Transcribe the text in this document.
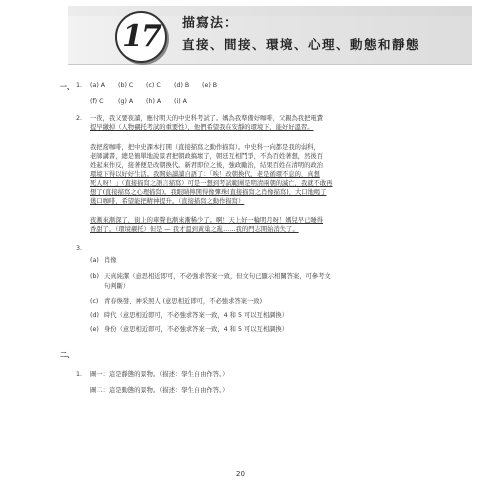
17	描寫法：
直接、間接、環境、心理、動態和靜態
一、 1. (a) A (b) C (c) C (d) B (e) B
(f) C (g) A (h) A (i) A
2. 一夜，我又要夜讀，應付明天的中史科考試了。媽為我準備好咖啡，父親為我把電費
提早繳掉（人物襯托考試的重要性），他們希望我在安靜的環境下，能好好溫習。
我把蕎咖啡，把中史課本打開（直接描寫之動作描寫）。中史科一向都是我的弱科，
老師講書，總是簡單地說景君把朝政搞壞了，朝廷互相鬥爭，不為百姓著想，然後百
姓起來作反，接著便是改朝換代。新君即位之後，強政勵治，結果百姓在清明的政治
環境下得以好好生活。我開始讀讀自語了：「唉！改朝換代，老是循環不息的，真想
死人呀！」（直接描寫之語言描寫）可是一想到考試範圍是明清兩朝的滅亡，我就不敢再
想了(直接描寫之心理描寫)。我眼睛擰開得像彈珠(直接描寫之肖像描寫)，大口地喝了
幾口咖啡，希望能把精神提升。（直接描寫之動作描寫）
夜漸來漸深了，街上的車聲也漸來漸稀少了。啊！天上好一輪明月呀！媽兒早已睡得
香甜了。（環境襯托）但是 — 我才溫到黃巢之亂……我的門志開始消失了。
3.
(a) 肖像
(b) 天真純潔（意思相近即可，不必強求答案一致，但文句已顯示相關答案，可參考文
句判斷）
(c) 青春煥發、神采照人 (意思相近即可，不必強求答案一致)
(d) 時代（意思相近即可，不必強求答案一致，4 和 5 可以互相調換）
(e) 身份（意思相近即可，不必強求答案一致，4 和 5 可以互相調換）
二、
1. 圖一：這是靜態的景物。（描述：學生自由作答。）
圖二：這是動態的景物。（描述：學生自由作答。）
20
